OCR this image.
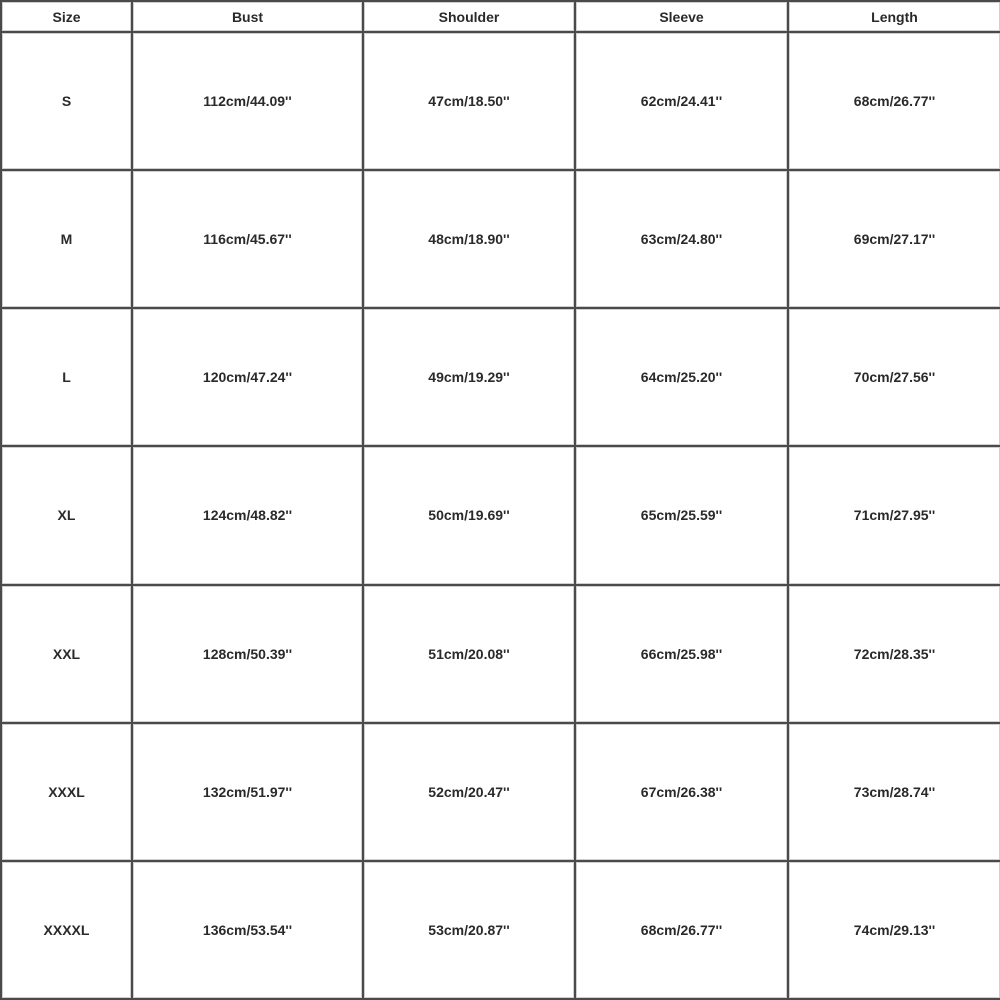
Size	Bust	Shoulder	Sleeve	Length
S	112cm/44.09''	47cm/18.50''	62cm/24.41''	68cm/26.77''
M	116cm/45.67''	48cm/18.90''	63cm/24.80''	69cm/27.17''
L	120cm/47.24''	49cm/19.29''	64cm/25.20''	70cm/27.56''
XL	124cm/48.82''	50cm/19.69''	65cm/25.59''	71cm/27.95''
XXL	128cm/50.39''	51cm/20.08''	66cm/25.98''	72cm/28.35''
XXXL	132cm/51.97''	52cm/20.47''	67cm/26.38''	73cm/28.74''
XXXXL	136cm/53.54''	53cm/20.87''	68cm/26.77''	74cm/29.13''
